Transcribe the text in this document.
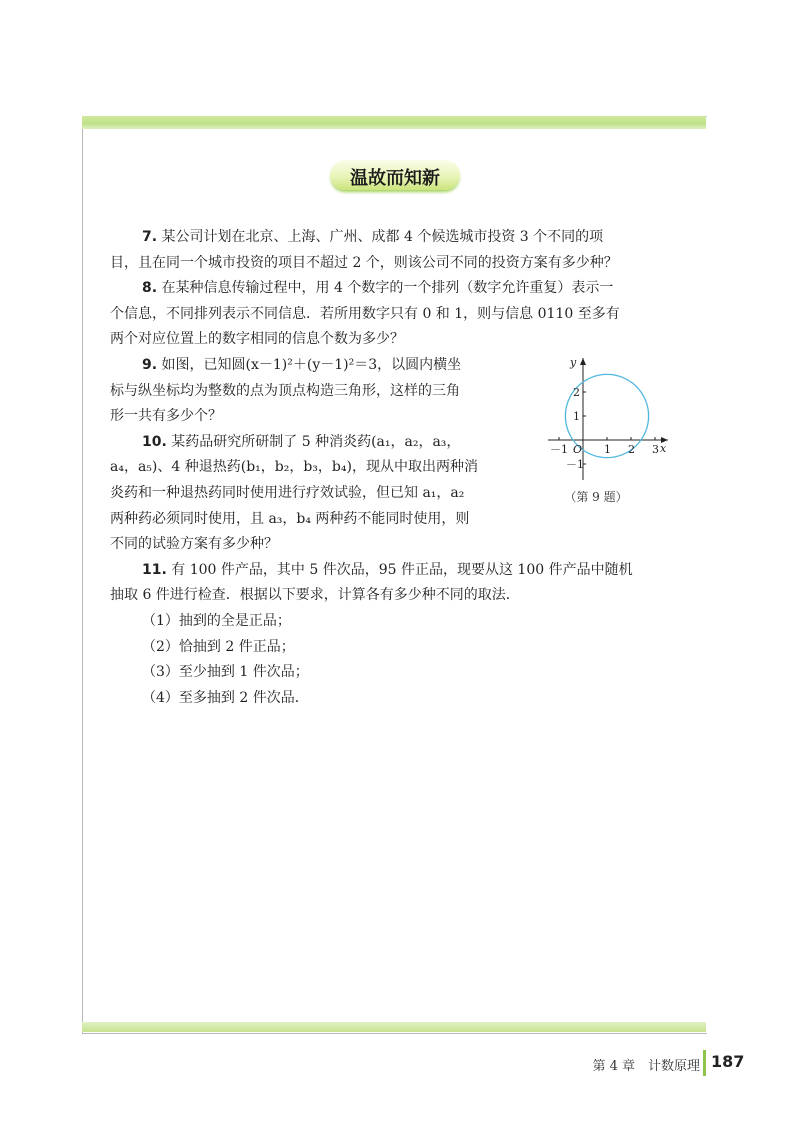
温故而知新

7. 某公司计划在北京、上海、广州、成都 4 个候选城市投资 3 个不同的项

目，且在同一个城市投资的项目不超过 2 个，则该公司不同的投资方案有多少种？

8. 在某种信息传输过程中，用 4 个数字的一个排列（数字允许重复）表示一

个信息，不同排列表示不同信息．若所用数字只有 0 和 1，则与信息 0110 至多有

两个对应位置上的数字相同的信息个数为多少？

9. 如图，已知圆(x－1)²＋(y－1)²＝3，以圆内横坐

标与纵坐标均为整数的点为顶点构造三角形，这样的三角

形一共有多少个？

10. 某药品研究所研制了 5 种消炎药(a₁，a₂，a₃，

a₄，a₅)、4 种退热药(b₁，b₂，b₃，b₄)，现从中取出两种消

炎药和一种退热药同时使用进行疗效试验，但已知 a₁，a₂

两种药必须同时使用，且 a₃，b₄ 两种药不能同时使用，则

不同的试验方案有多少种？

11. 有 100 件产品，其中 5 件次品，95 件正品，现要从这 100 件产品中随机

抽取 6 件进行检查．根据以下要求，计算各有多少种不同的取法．

（1）抽到的全是正品；

（2）恰抽到 2 件正品；

（3）至少抽到 1 件次品；

（4）至多抽到 2 件次品．

y
x
O
－1	1 2 3
2
1
－1
（第 9 题）
第 4 章　计数原理 187
